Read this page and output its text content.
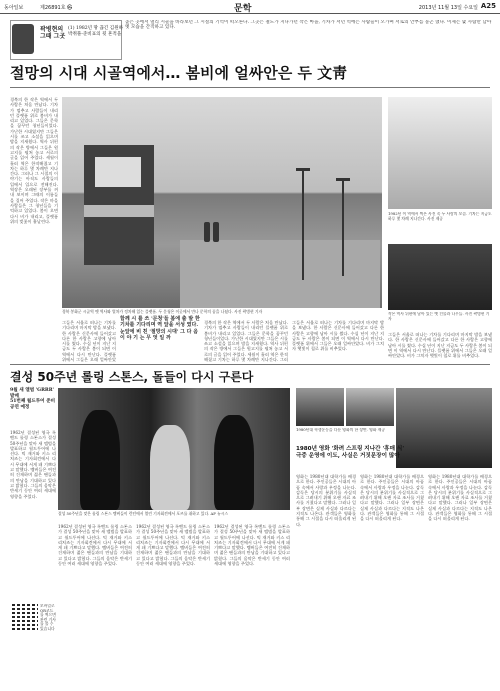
동아일보	제26891호 ㉿	문학	2013년 11월 13일 수요일 A25
곽병현의
그때 그곳
(1) 1982년 땅 끊긴 김원하
박쥐풀-준비표의 뒷 흔적을
높은 곳에서 멀리 시골을 바라보던 그 시절의 기억이 떠오른다. 그곳은 철도가 지나가던 작은 마을, 기차가 서던 역에는 사람들이 오가며 서로의 안부를 묻곤 했다. 이제는 몇 사람만 남아 옛 모습을 간직하고 있다.
절망의 시대 시골역에서… 봄비에 얼싸안은 두 文靑
경북의 한 작은 역에서 두 사람은 처음 만났다. 기차가 멈추고 사람들이 내리던 플랫폼 위로 봄비가 내리고 있었다. 그들은 문학을 꿈꾸던 청년들이었다. 가난한 시대였지만 그들은 시를 쓰고 소설을 읽으며 밤을 지새웠다. 역사 뒤편의 작은 방에서 그들은 원고지를 펼쳐 놓고 서로의 글을 읽어 주었다. 세월이 흘러 역은 한적해졌고 기차는 하루 몇 차례만 지나간다. 그러나 그 시절의 이야기는 아직도 사람들의 입에서 입으로 전해진다. 역장은 오래된 장부를 꺼내 보이며 그때의 이름들을 짚어 주었다. 작은 마을 사람들은 그 청년들을 기억하고 있었다. 봄이 오면 다시 비가 내리고, 플랫폼 위의 벚꽃이 흩날린다.
경북 봉화군 시골역 옛 역사와 열차가 정차해 있는 플랫폼. 두 문청은 이곳에서 만나 문학의 꿈을 나눴다. 사진 곽병현 기자
1982년 이 역에서 찍은 사진 속 두 사람의 모습. 기차는 지금도 하루 몇 차례 지나간다. 사진 제공
작은 역사 뒤편에 남아 있는 옛 건물과 나무들. 사진 곽병현 기자
그들은 서울로 떠나는 기차를 기다리며 마지막 밤을 보냈다. 한 사람은 신문사에 들어갔고 다른 한 사람은 고향에 남아 시를 썼다. 수십 년이 지난 지금도 두 사람은 봄이 되면 이 역에서 다시 만난다. 플랫폼 위에서 그들은 오래 얼싸안았
함께 시 를 쓰 '문청'들 봄에 출 발 한 기차를 기다리며 역 앞을 서성 였다. 눈앞에 비 친 '절망의 시대' 그 다 음 이 야 기 는 무 엇 일 까
경북의 한 작은 역에서 두 사람은 처음 만났다. 기차가 멈추고 사람들이 내리던 플랫폼 위로 봄비가 내리고 있었다. 그들은 문학을 꿈꾸던 청년들이었다. 가난한 시대였지만 그들은 시를 쓰고 소설을 읽으며 밤을 지새웠다. 역사 뒤편의 작은 방에서 그들은 원고지를 펼쳐 놓고 서로의 글을 읽어 주었다. 세월이 흘러 역은 한적해졌고 기차는 하루 몇 차례만 지나간다. 그러
그들은 서울로 떠나는 기차를 기다리며 마지막 밤을 보냈다. 한 사람은 신문사에 들어갔고 다른 한 사람은 고향에 남아 시를 썼다. 수십 년이 지난 지금도 두 사람은 봄이 되면 이 역에서 다시 만난다. 플랫폼 위에서 그들은 오래 얼싸안았다. 비가 그치자 햇빛이 철로 위를 비추었다.
그들은 서울로 떠나는 기차를 기다리며 마지막 밤을 보냈다. 한 사람은 신문사에 들어갔고 다른 한 사람은 고향에 남아 시를 썼다. 수십 년이 지난 지금도 두 사람은 봄이 되면 이 역에서 다시 만난다. 플랫폼 위에서 그들은 오래 얼싸안았다. 비가 그치자 햇빛이 철로 위를 비추었다.
결성 50주년 롤링 스톤스, 돌들이 다시 구른다
9월 새 앨범 'GRRR' 발매
51번째 월드투어 준비
공연 예정
1962년 결성된 영국 록밴드 롤링 스톤스가 결성 50주년을 맞아 새 앨범을 발표하고 월드투어에 나선다. 믹 재거와 키스 리처즈는 기자회견에서 다시 무대에 서게 돼 기쁘다고 말했다. 멤버들은 여전히 건재하며 젊은 팬들과의 만남을 기대하고 있다고 밝혔다. 그들의 음악은 반세기 동안 여러 세대에 영향을 주었다.
결성 50주년을 맞은 롤링 스톤스 멤버들이 런던에서 열린 기자회견에서 포즈를 취하고 있다. AP 뉴시스
1962년 결성된 영국 록밴드 롤링 스톤스가 결성 50주년을 맞아 새 앨범을 발표하고 월드투어에 나선다. 믹 재거와 키스 리처즈는 기자회견에서 다시 무대에 서게 돼 기쁘다고 말했다. 멤버들은 여전히 건재하며 젊은 팬들과의 만남을 기대하고 있다고 밝혔다. 그들의 음악은 반세기 동안 여러 세대에 영향을 주었다.
1962년 결성된 영국 록밴드 롤링 스톤스가 결성 50주년을 맞아 새 앨범을 발표하고 월드투어에 나선다. 믹 재거와 키스 리처즈는 기자회견에서 다시 무대에 서게 돼 기쁘다고 말했다. 멤버들은 여전히 건재하며 젊은 팬들과의 만남을 기대하고 있다고 밝혔다. 그들의 음악은 반세기 동안 여러 세대에 영향을 주었다.
1962년 결성된 영국 록밴드 롤링 스톤스가 결성 50주년을 맞아 새 앨범을 발표하고 월드투어에 나선다. 믹 재거와 키스 리처즈는 기자회견에서 다시 무대에 서게 돼 기쁘다고 말했다. 멤버들은 여전히 건재하며 젊은 팬들과의 만남을 기대하고 있다고 밝혔다. 그들의 음악은 반세기 동안 여러 세대에 영향을 주었다.
모바일로 QR코드를 찍으면 관련 기사를 볼 수 있습니다
1980년대 학생운동을 다룬 영화의 한 장면. 영화 제공
1980년 영화 '화려 스프링 지나간 '휴매 식'
극중 운영에 이도, 사실은 거짓문장이 많아
영화는 1980년대 대학가를 배경으로 한다. 주인공들은 시대의 아픔 속에서 사랑과 우정을 나눈다. 감독은 당시의 분위기를 사실적으로 그려내기 위해 오랜 자료 조사를 거쳤다고 말했다. 그러나 일부 장면은 실제 사실과 다르다는 지적도 나온다. 관객들은 영화를 통해 그 시절을 다시 떠올리게 된다.
영화는 1980년대 대학가를 배경으로 한다. 주인공들은 시대의 아픔 속에서 사랑과 우정을 나눈다. 감독은 당시의 분위기를 사실적으로 그려내기 위해 오랜 자료 조사를 거쳤다고 말했다. 그러나 일부 장면은 실제 사실과 다르다는 지적도 나온다. 관객들은 영화를 통해 그 시절을 다시 떠올리게 된다.
영화는 1980년대 대학가를 배경으로 한다. 주인공들은 시대의 아픔 속에서 사랑과 우정을 나눈다. 감독은 당시의 분위기를 사실적으로 그려내기 위해 오랜 자료 조사를 거쳤다고 말했다. 그러나 일부 장면은 실제 사실과 다르다는 지적도 나온다. 관객들은 영화를 통해 그 시절을 다시 떠올리게 된다.
